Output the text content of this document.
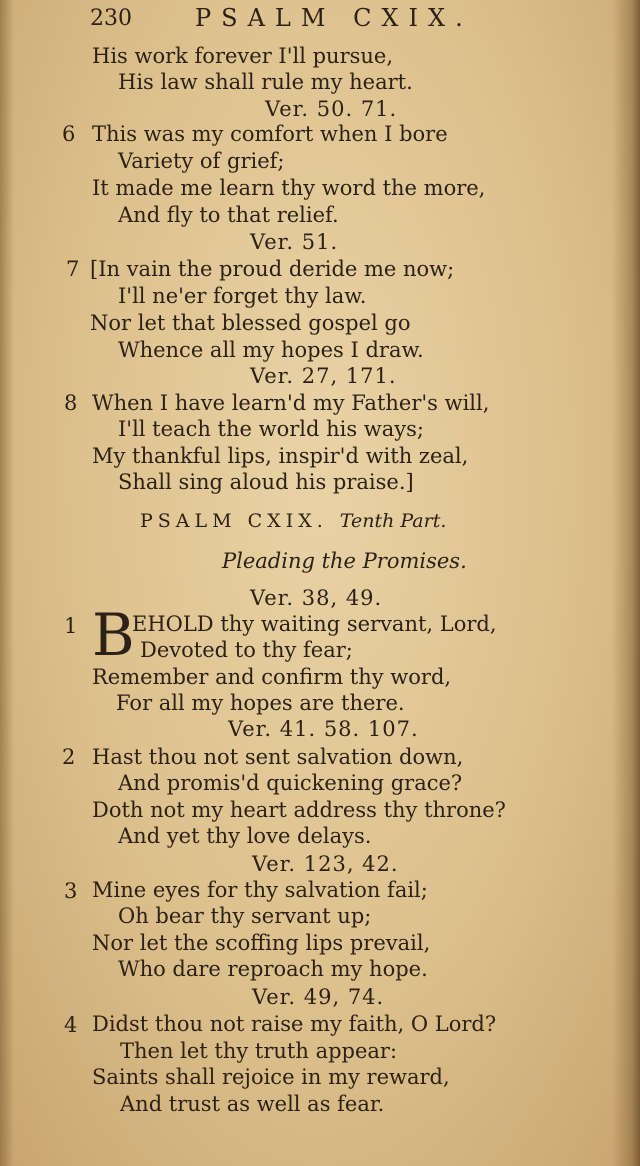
230	PSALM CXIX.
His work forever I'll pursue,
His law shall rule my heart.
Ver. 50. 71.
6 This was my comfort when I bore
Variety of grief;
It made me learn thy word the more,
And fly to that relief.
Ver. 51.
7 [In vain the proud deride me now;
I'll ne'er forget thy law.
Nor let that blessed gospel go
Whence all my hopes I draw.
Ver. 27, 171.
8 When I have learn'd my Father's will,
I'll teach the world his ways;
My thankful lips, inspir'd with zeal,
Shall sing aloud his praise.]
PSALM CXIX. Tenth Part.
Pleading the Promises.
Ver. 38, 49.
1 B
EHOLD thy waiting servant, Lord,
Devoted to thy fear;
Remember and confirm thy word,
For all my hopes are there.
Ver. 41. 58. 107.
2 Hast thou not sent salvation down,
And promis'd quickening grace?
Doth not my heart address thy throne?
And yet thy love delays.
Ver. 123, 42.
3 Mine eyes for thy salvation fail;
Oh bear thy servant up;
Nor let the scoffing lips prevail,
Who dare reproach my hope.
Ver. 49, 74.
4 Didst thou not raise my faith, O Lord?
Then let thy truth appear:
Saints shall rejoice in my reward,
And trust as well as fear.
